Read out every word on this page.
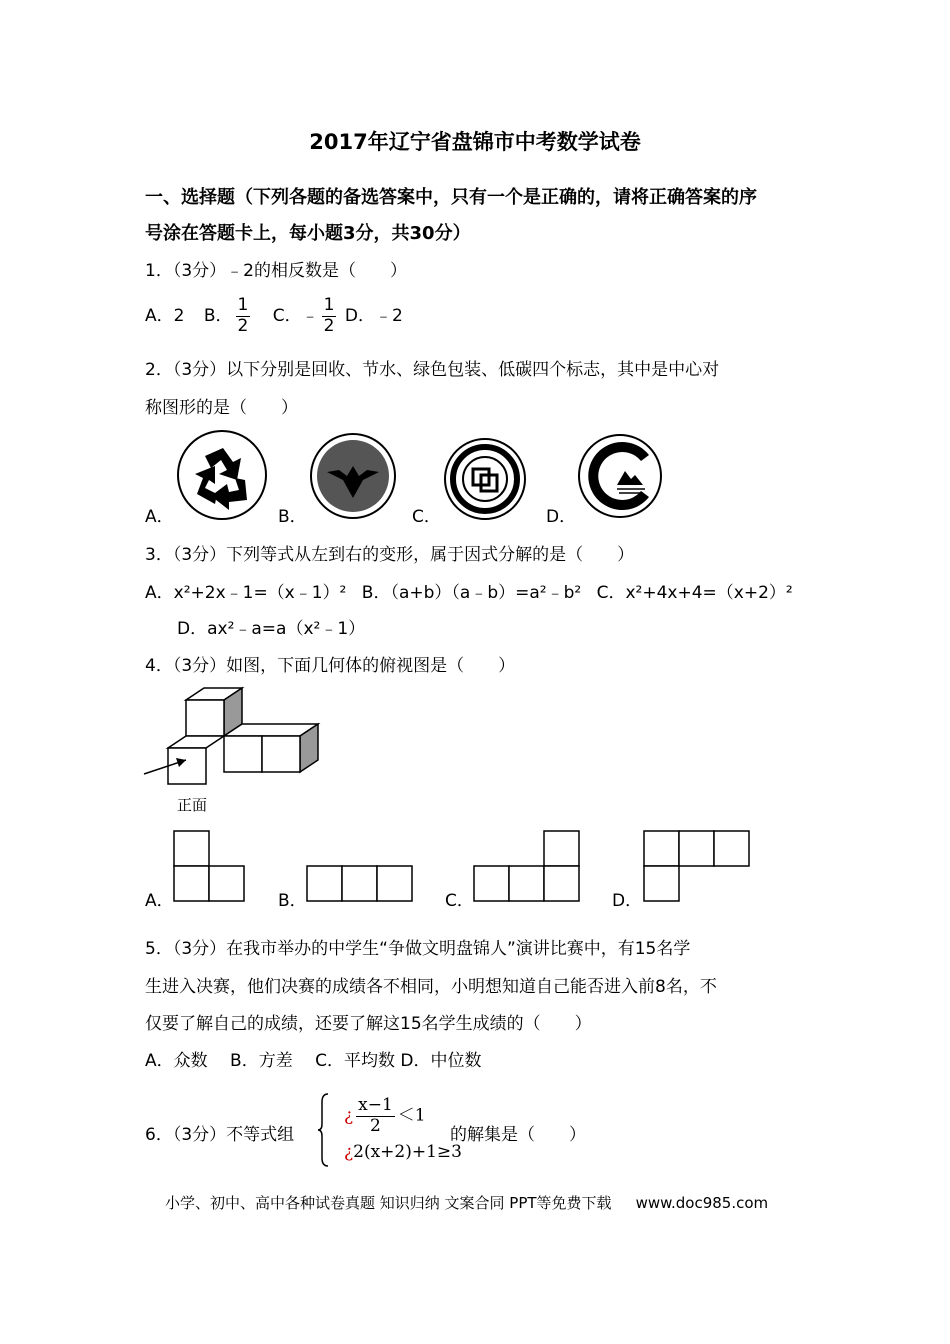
2017年辽宁省盘锦市中考数学试卷
一、选择题（下列各题的备选答案中，只有一个是正确的，请将正确答案的序
号涂在答题卡上，每小题3分，共30分）
1．（3分）﹣2的相反数是（　　）
A．2 B． $\frac{1}{2}$ C．﹣ $\frac{1}{2}$ D．﹣2
2．（3分）以下分别是回收、节水、绿色包装、低碳四个标志，其中是中心对
称图形的是（　　）
A．	B．	C．	D．
3．（3分）下列等式从左到右的变形，属于因式分解的是（　　）
A．x²+2x﹣1=（x﹣1）² B．（a+b）（a﹣b）=a²﹣b² C．x²+4x+4=（x+2）²
D．ax²﹣a=a（x²﹣1）
4．（3分）如图，下面几何体的俯视图是（　　）
正面
A．	B．	C．	D．
5．（3分）在我市举办的中学生“争做文明盘锦人”演讲比赛中，有15名学
生进入决赛，他们决赛的成绩各不相同，小明想知道自己能否进入前8名，不
仅要了解自己的成绩，还要了解这15名学生成绩的（　　）
A．众数　 B．方差　 C．平均数 D．中位数
6．（3分）不等式组
¿ $\frac{x-1}{2} <1$
¿2(x+2)+1≥3
的解集是（　　）
小学、初中、高中各种试卷真题 知识归纳 文案合同 PPT等免费下载 www.doc985.com
